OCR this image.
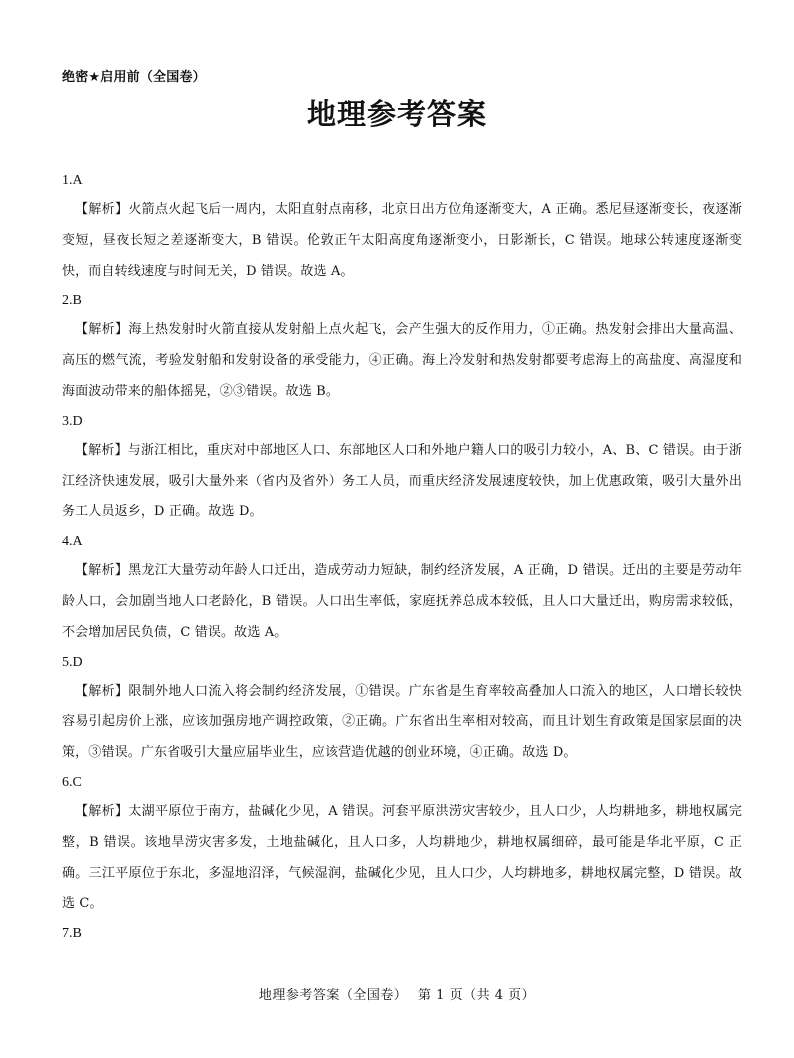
绝密★启用前（全国卷）
地理参考答案
1.A
【解析】火箭点火起飞后一周内，太阳直射点南移，北京日出方位角逐渐变大，A 正确。悉尼昼逐渐变长，夜逐渐变短，昼夜长短之差逐渐变大，B 错误。伦敦正午太阳高度角逐渐变小，日影渐长，C 错误。地球公转速度逐渐变快，而自转线速度与时间无关，D 错误。故选 A。
2.B
【解析】海上热发射时火箭直接从发射船上点火起飞，会产生强大的反作用力，①正确。热发射会排出大量高温、高压的燃气流，考验发射船和发射设备的承受能力，④正确。海上冷发射和热发射都要考虑海上的高盐度、高湿度和海面波动带来的船体摇晃，②③错误。故选 B。
3.D
【解析】与浙江相比，重庆对中部地区人口、东部地区人口和外地户籍人口的吸引力较小，A、B、C 错误。由于浙江经济快速发展，吸引大量外来（省内及省外）务工人员，而重庆经济发展速度较快，加上优惠政策，吸引大量外出务工人员返乡，D 正确。故选 D。
4.A
【解析】黑龙江大量劳动年龄人口迁出，造成劳动力短缺，制约经济发展，A 正确，D 错误。迁出的主要是劳动年龄人口，会加剧当地人口老龄化，B 错误。人口出生率低，家庭抚养总成本较低，且人口大量迁出，购房需求较低，不会增加居民负债，C 错误。故选 A。
5.D
【解析】限制外地人口流入将会制约经济发展，①错误。广东省是生育率较高叠加人口流入的地区，人口增长较快容易引起房价上涨，应该加强房地产调控政策，②正确。广东省出生率相对较高，而且计划生育政策是国家层面的决策，③错误。广东省吸引大量应届毕业生，应该营造优越的创业环境，④正确。故选 D。
6.C
【解析】太湖平原位于南方，盐碱化少见，A 错误。河套平原洪涝灾害较少，且人口少，人均耕地多，耕地权属完整，B 错误。该地旱涝灾害多发，土地盐碱化，且人口多，人均耕地少，耕地权属细碎，最可能是华北平原，C 正确。三江平原位于东北，多湿地沼泽，气候湿润，盐碱化少见，且人口少，人均耕地多，耕地权属完整，D 错误。故选 C。
7.B
地理参考答案（全国卷） 第 1 页（共 4 页）
